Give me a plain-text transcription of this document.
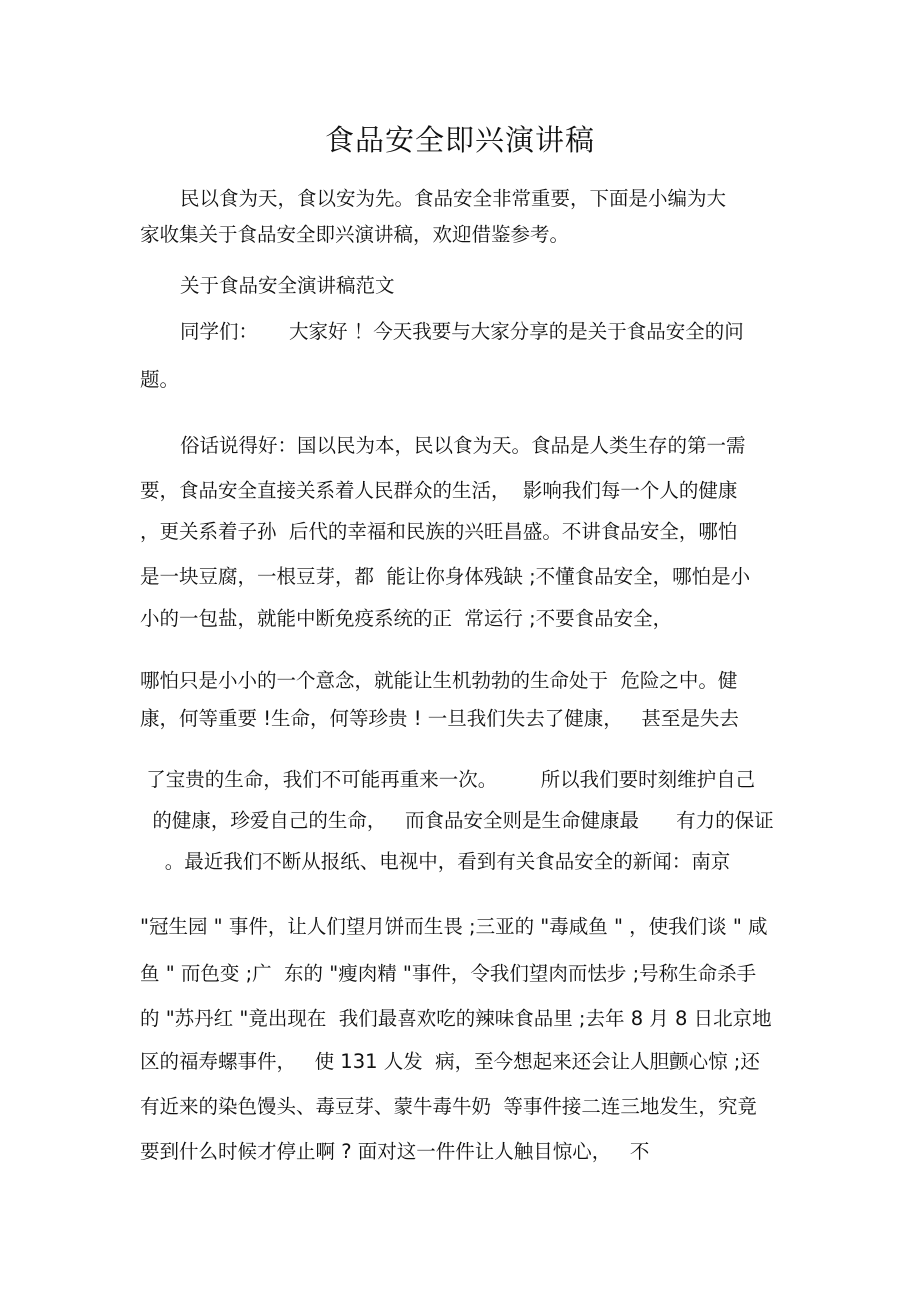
食品安全即兴演讲稿
民以食为天，食以安为先。食品安全非常重要，下面是小编为大
家收集关于食品安全即兴演讲稿，欢迎借鉴参考。
关于食品安全演讲稿范文
同学们：     大家好 ！今天我要与大家分享的是关于食品安全的问
题。
俗话说得好：国以民为本，民以食为天。食品是人类生存的第一需
要，食品安全直接关系着人民群众的生活，  影响我们每一个人的健康
，更关系着子孙  后代的幸福和民族的兴旺昌盛。不讲食品安全，哪怕
是一块豆腐，一根豆芽，都  能让你身体残缺 ;不懂食品安全，哪怕是小
小的一包盐，就能中断免疫系统的正  常运行 ;不要食品安全，
哪怕只是小小的一个意念，就能让生机勃勃的生命处于  危险之中。健
康，何等重要 !生命，何等珍贵 ! 一旦我们失去了健康，   甚至是失去
了宝贵的生命，我们不可能再重来一次。       所以我们要时刻维护自己
的健康，珍爱自己的生命，   而食品安全则是生命健康最      有力的保证
。最近我们不断从报纸、电视中，看到有关食品安全的新闻：南京
"冠生园 " 事件，让人们望月饼而生畏 ;三亚的 "毒咸鱼 " ，使我们谈 " 咸
鱼 " 而色变 ;广  东的 "瘦肉精 "事件，令我们望肉而怯步 ;号称生命杀手
的 "苏丹红 "竟出现在  我们最喜欢吃的辣味食品里 ;去年 8 月 8 日北京地
区的福寿螺事件，   使 131 人发  病，至今想起来还会让人胆颤心惊 ;还
有近来的染色馒头、毒豆芽、蒙牛毒牛奶  等事件接二连三地发生，究竟
要到什么时候才停止啊 ? 面对这一件件让人触目惊心，   不
